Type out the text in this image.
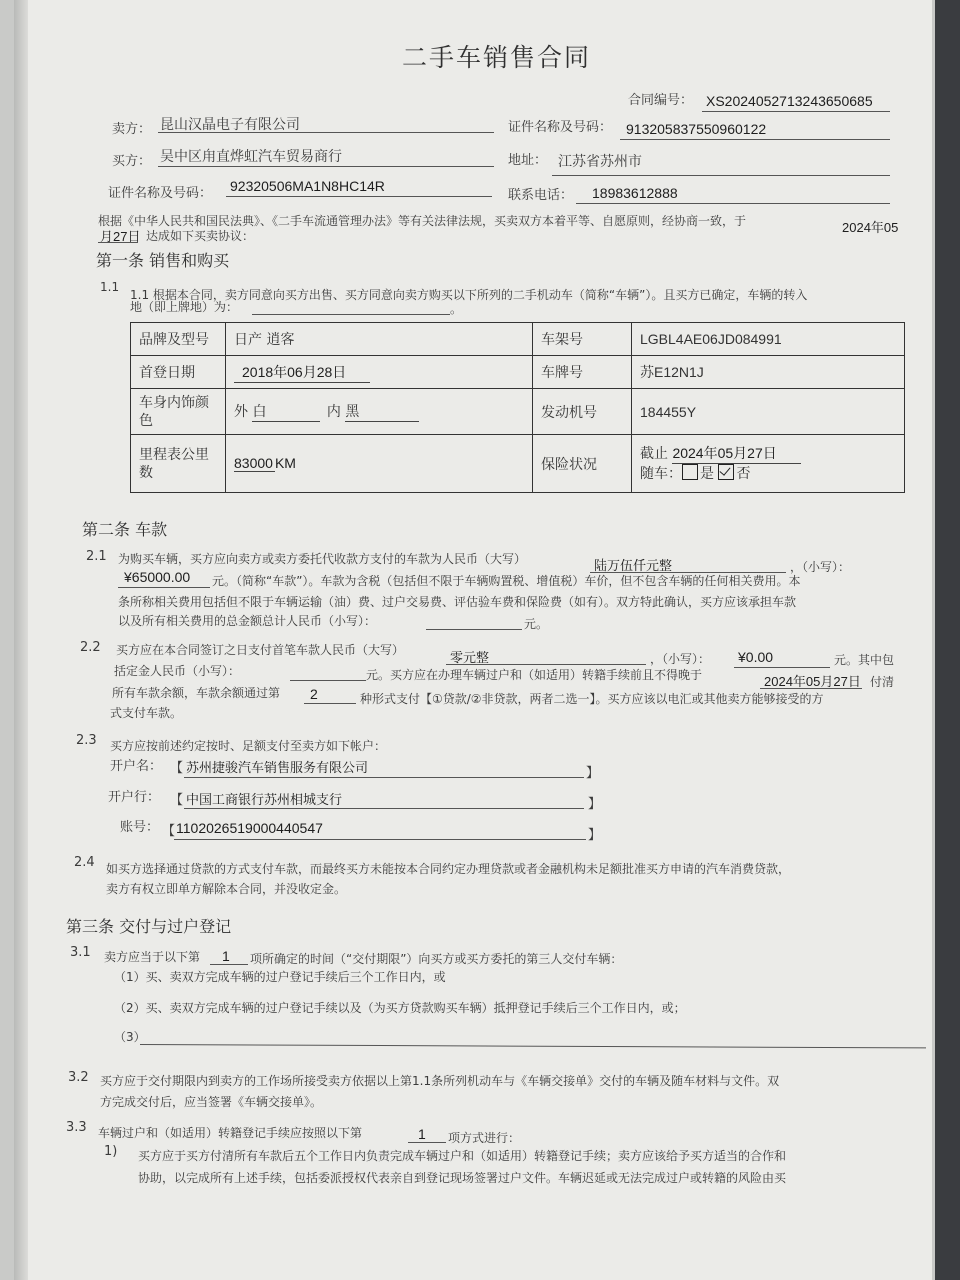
二手车销售合同
合同编号： XS20240527132436506​85
卖方： 昆山汉晶电子有限公司	证件名称及号码： 913205837550960122
买方： 吴中区甪直烨虹汽车贸易商行	地址： 江苏省苏州市
证件名称及号码： 92320506MA1N8HC14R
联系电话： 18983612888
根据《中华人民共和国民法典》、《二手车流通管理办法》等有关法律法规，买卖双方本着平等、自愿原则，经协商一致，于	2024年05
月27日 达成如下买卖协议：
第一条 销售和购买
1.1
1.1 根据本合同，卖方同意向买方出售、买方同意向卖方购买以下所列的二手机动车（简称“车辆”）。且买方已确定，车辆的转入
地（即上牌地）为：	。
品牌及型号	日产 逍客	车架号	LGBL4AE06JD084991
首登日期	2018年06月28日	车牌号	苏E12N1J
车身内饰颜色	外 白 内 黑	发动机号	184455Y
里程表公里数	83000 KM	保险状况	截止 2024年05月27日
随车： 是 否
第二条 车款
2.1 为购买车辆，买方应向卖方或卖方委托代收款方支付的车款为人民币（大写）	陆万伍仟元整	，（小写）：
¥65000.00 元。（简称“车款”）。车款为含税（包括但不限于车辆购置税、增值税）车价，但不包含车辆的任何相关费用。本
条所称相关费用包括但不限于车辆运输（油）费、过户交易费、评估验车费和保险费（如有）。双方特此确认，买方应该承担车款
以及所有相关费用的总金额总计人民币（小写）：	元。
2.2 买方应在本合同签订之日支付首笔车款人民币（大写）
零元整	，（小写）： ¥0.00	元。其中包
括定金人民币（小写）：	元。买方应在办理车辆过户和（如适用）转籍手续前且不得晚于	2024年05月27日 付清
所有车款余额，车款余额通过第 2	种形式支付【①贷款/②非贷款，两者二选一】。买方应该以电汇或其他卖方能够接受的方
式支付车款。
2.3 买方应按前述约定按时、足额支付至卖方如下帐户：
开户名： 【 苏州捷骏汽车销售服务有限公司	】
开户行： 【 中国工商银行苏州相城支行	】
账号： 【 1102026519000440547	】
2.4 如买方选择通过贷款的方式支付车款，而最终买方未能按本合同约定办理贷款或者金融机构未足额批准买方申请的汽车消费贷款，
卖方有权立即单方解除本合同，并没收定金。
第三条 交付与过户登记
3.1 卖方应当于以下第 1 项所确定的时间（“交付期限”）向买方或买方委托的第三人交付车辆：
（1）买、卖双方完成车辆的过户登记手续后三个工作日内，或
（2）买、卖双方完成车辆的过户登记手续以及（为买方贷款购买车辆）抵押登记手续后三个工作日内，或；
（3）
3.2 买方应于交付期限内到卖方的工作场所接受卖方依据以上第1.1条所列机动车与《车辆交接单》交付的车辆及随车材料与文件。双
方完成交付后，应当签署《车辆交接单》。
3.3 车辆过户和（如适用）转籍登记手续应按照以下第	1 项方式进行：
1) 买方应于买方付清所有车款后五个工作日内负责完成车辆过户和（如适用）转籍登记手续；卖方应该给予买方适当的合作和
协助，以完成所有上述手续，包括委派授权代表亲自到登记现场签署过户文件。车辆迟延或无法完成过户或转籍的风险由买
